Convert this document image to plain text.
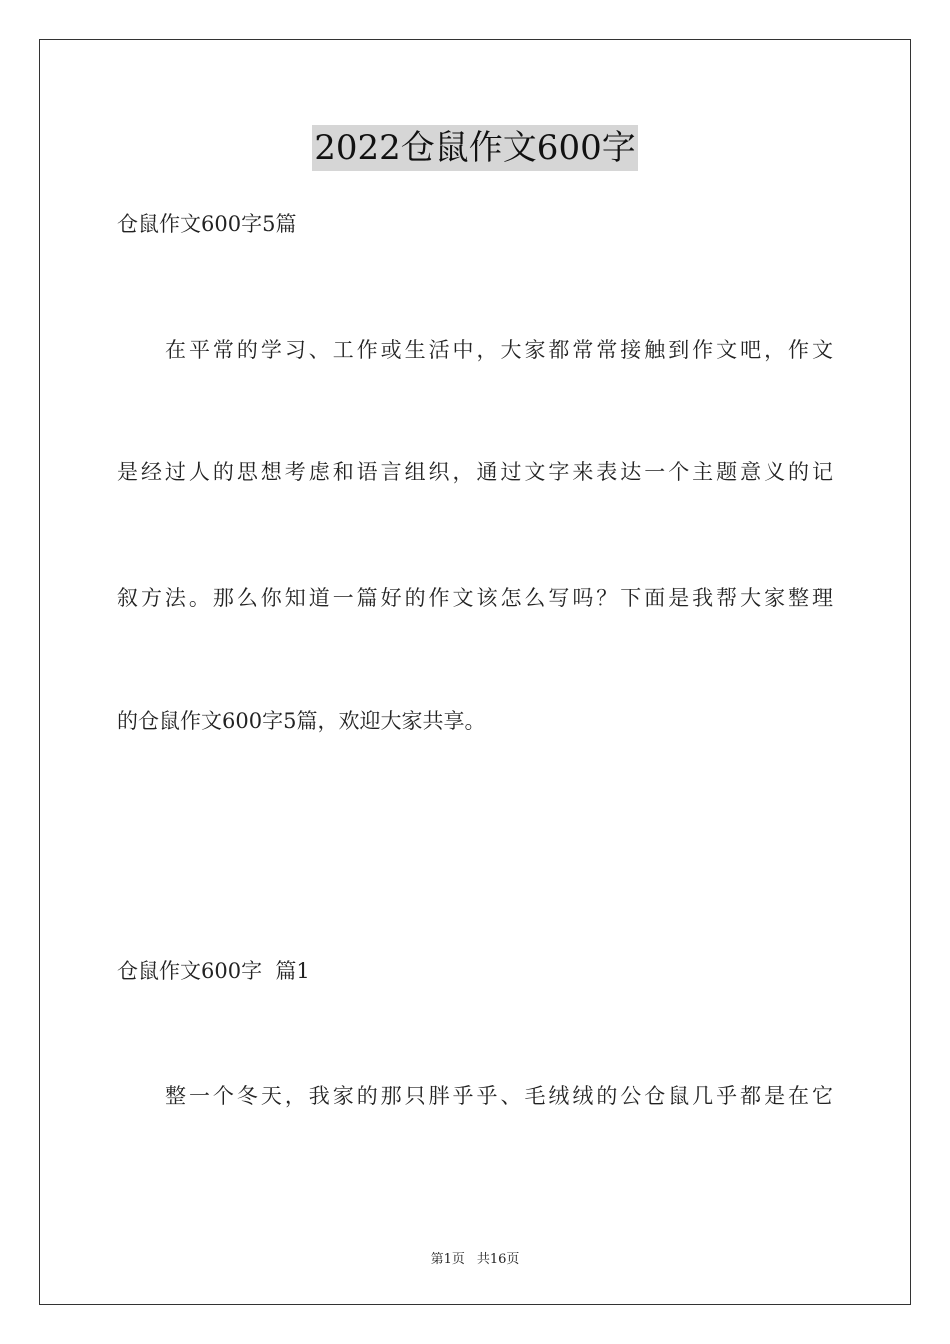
2022仓鼠作文600字
仓鼠作文600字5篇
在平常的学习、工作或生活中，大家都常常接触到作文吧，作文
是经过人的思想考虑和语言组织，通过文字来表达一个主题意义的记
叙方法。那么你知道一篇好的作文该怎么写吗？下面是我帮大家整理
的仓鼠作文600字5篇，欢迎大家共享。
仓鼠作文600字  篇1
整一个冬天，我家的那只胖乎乎、毛绒绒的公仓鼠几乎都是在它
第1页 共16页
